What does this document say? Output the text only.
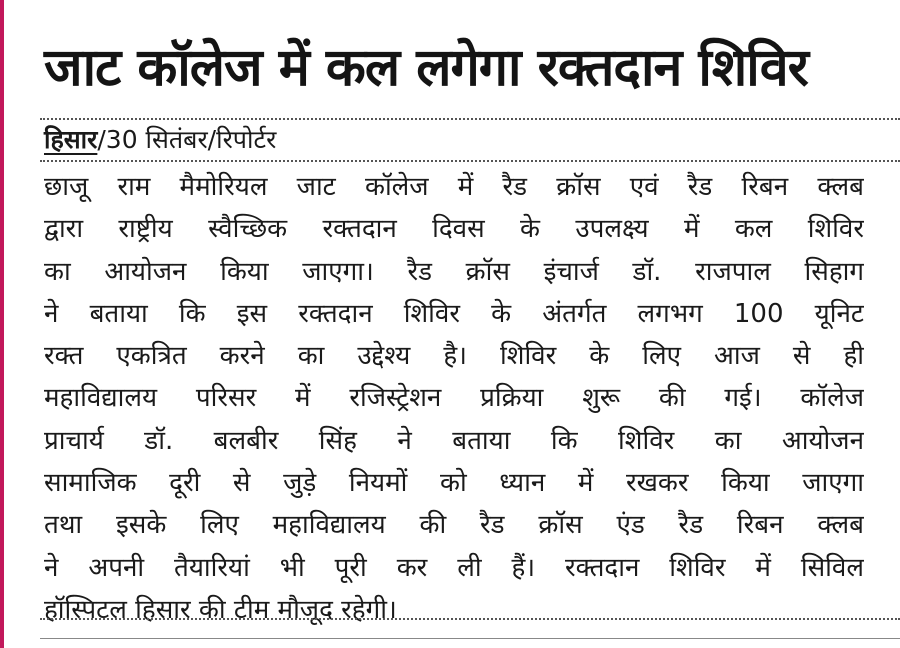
जाट कॉलेज में कल लगेगा रक्तदान शिविर
हिसार/30 सितंबर/रिपोर्टर
छाजू राम मैमोरियल जाट कॉलेज में रैड क्रॉस एवं रैड रिबन क्लब
द्वारा राष्ट्रीय स्वैच्छिक रक्तदान दिवस के उपलक्ष्य में कल शिविर
का आयोजन किया जाएगा। रैड क्रॉस इंचार्ज डॉ. राजपाल सिहाग
ने बताया कि इस रक्तदान शिविर के अंतर्गत लगभग 100 यूनिट
रक्त एकत्रित करने का उद्देश्य है। शिविर के लिए आज से ही
महाविद्यालय परिसर में रजिस्ट्रेशन प्रक्रिया शुरू की गई। कॉलेज
प्राचार्य डॉ. बलबीर सिंह ने बताया कि शिविर का आयोजन
सामाजिक दूरी से जुड़े नियमों को ध्यान में रखकर किया जाएगा
तथा इसके लिए महाविद्यालय की रैड क्रॉस एंड रैड रिबन क्लब
ने अपनी तैयारियां भी पूरी कर ली हैं। रक्तदान शिविर में सिविल
हॉस्पिटल हिसार की टीम मौजूद रहेगी।
